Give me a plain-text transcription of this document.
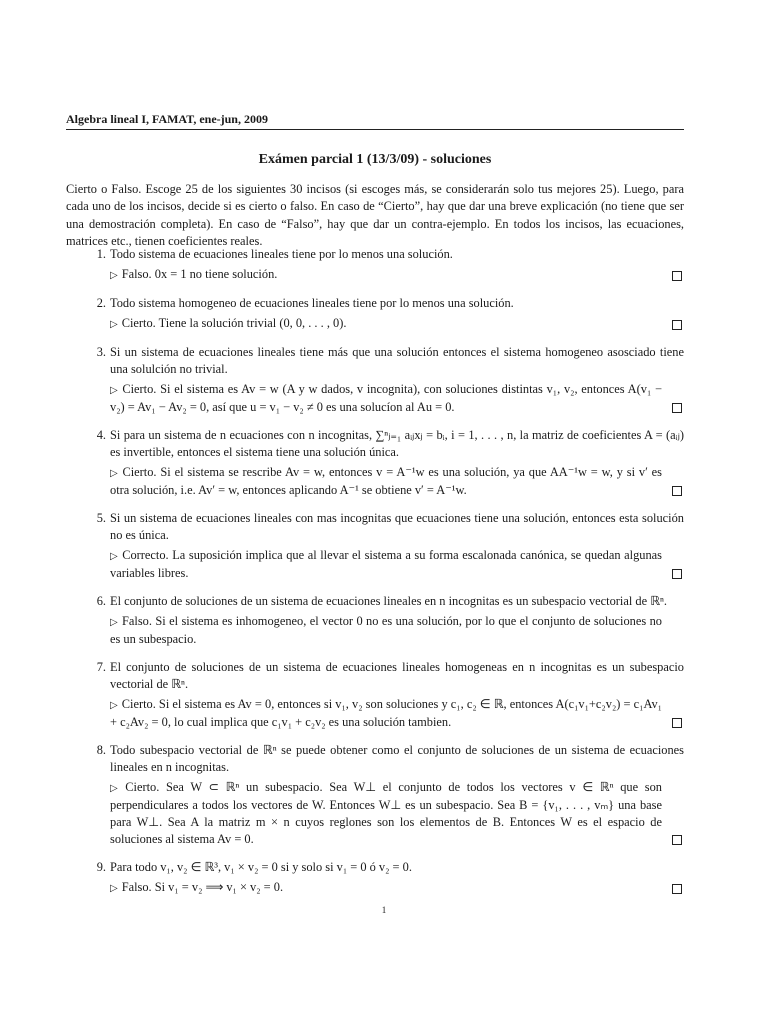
Algebra lineal I, FAMAT, ene-jun, 2009
Exámen parcial 1 (13/3/09) - soluciones
Cierto o Falso. Escoge 25 de los siguientes 30 incisos (si escoges más, se considerarán solo tus mejores 25). Luego, para cada uno de los incisos, decide si es cierto o falso. En caso de “Cierto”, hay que dar una breve explicación (no tiene que ser una demostración completa). En caso de “Falso”, hay que dar un contra-ejemplo. En todos los incisos, las ecuaciones, matrices etc., tienen coeficientes reales.
1. Todo sistema de ecuaciones lineales tiene por lo menos una solución.
▷ Falso. 0x = 1 no tiene solución.
2. Todo sistema homogeneo de ecuaciones lineales tiene por lo menos una solución.
▷ Cierto. Tiene la solución trivial (0, 0, . . . , 0).
3. Si un sistema de ecuaciones lineales tiene más que una solución entonces el sistema homogeneo asosciado tiene una solulción no trivial.
▷ Cierto. Si el sistema es Av = w (A y w dados, v incognita), con soluciones distintas v₁, v₂, entonces A(v₁ − v₂) = Av₁ − Av₂ = 0, así que u = v₁ − v₂ ≠ 0 es una solucíon al Au = 0.
4. Si para un sistema de n ecuaciones con n incognitas, ∑ⁿⱼ₌₁ aᵢⱼxⱼ = bᵢ, i = 1, . . . , n, la matriz de coeficientes A = (aᵢⱼ) es invertible, entonces el sistema tiene una solución única.
▷ Cierto. Si el sistema se rescribe Av = w, entonces v = A⁻¹w es una solución, ya que AA⁻¹w = w, y si v′ es otra solución, i.e. Av′ = w, entonces aplicando A⁻¹ se obtiene v′ = A⁻¹w.
5. Si un sistema de ecuaciones lineales con mas incognitas que ecuaciones tiene una solución, entonces esta solución no es única.
▷ Correcto. La suposición implica que al llevar el sistema a su forma escalonada canónica, se quedan algunas variables libres.
6. El conjunto de soluciones de un sistema de ecuaciones lineales en n incognitas es un subespacio vectorial de ℝⁿ.
▷ Falso. Si el sistema es inhomogeneo, el vector 0 no es una solución, por lo que el conjunto de soluciones no es un subespacio.
7. El conjunto de soluciones de un sistema de ecuaciones lineales homogeneas en n incognitas es un subespacio vectorial de ℝⁿ.
▷ Cierto. Si el sistema es Av = 0, entonces si v₁, v₂ son soluciones y c₁, c₂ ∈ ℝ, entonces A(c₁v₁+c₂v₂) = c₁Av₁ + c₂Av₂ = 0, lo cual implica que c₁v₁ + c₂v₂ es una solución tambien.
8. Todo subespacio vectorial de ℝⁿ se puede obtener como el conjunto de soluciones de un sistema de ecuaciones lineales en n incognitas.
▷ Cierto. Sea W ⊂ ℝⁿ un subespacio. Sea W⊥ el conjunto de todos los vectores v ∈ ℝⁿ que son perpendiculares a todos los vectores de W. Entonces W⊥ es un subespacio. Sea B = {v₁, . . . , vₘ} una base para W⊥. Sea A la matriz m × n cuyos reglones son los elementos de B. Entonces W es el espacio de soluciones al sistema Av = 0.
9. Para todo v₁, v₂ ∈ ℝ³, v₁ × v₂ = 0 si y solo si v₁ = 0 ó v₂ = 0.
▷ Falso. Si v₁ = v₂ ⟹ v₁ × v₂ = 0.
1
